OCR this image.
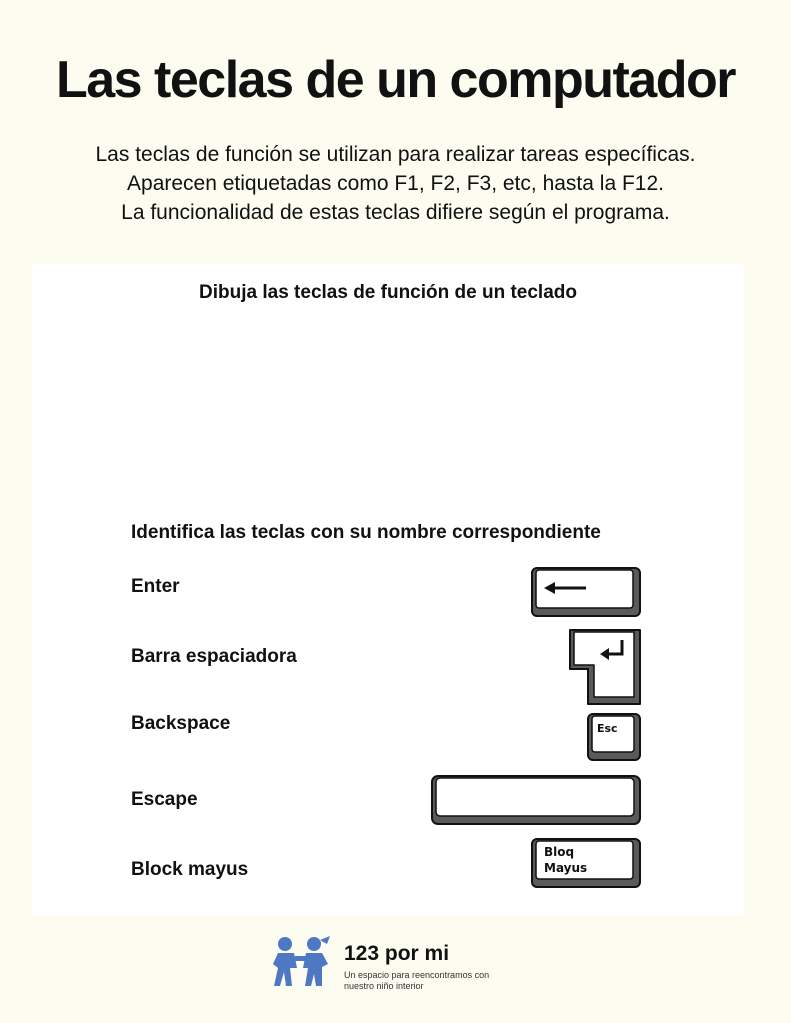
Las teclas de un computador
Las teclas de función se utilizan para realizar tareas específicas.
Aparecen etiquetadas como F1, F2, F3, etc, hasta la F12.
La funcionalidad de estas teclas difiere según el programa.
Dibuja las teclas de función de un teclado
Identifica las teclas con su nombre correspondiente
Enter
Barra espaciadora
Backspace
Escape
Block mayus
Esc
Bloq
Mayus
123 por mi
Un espacio para reencontramos con nuestro niño interior
